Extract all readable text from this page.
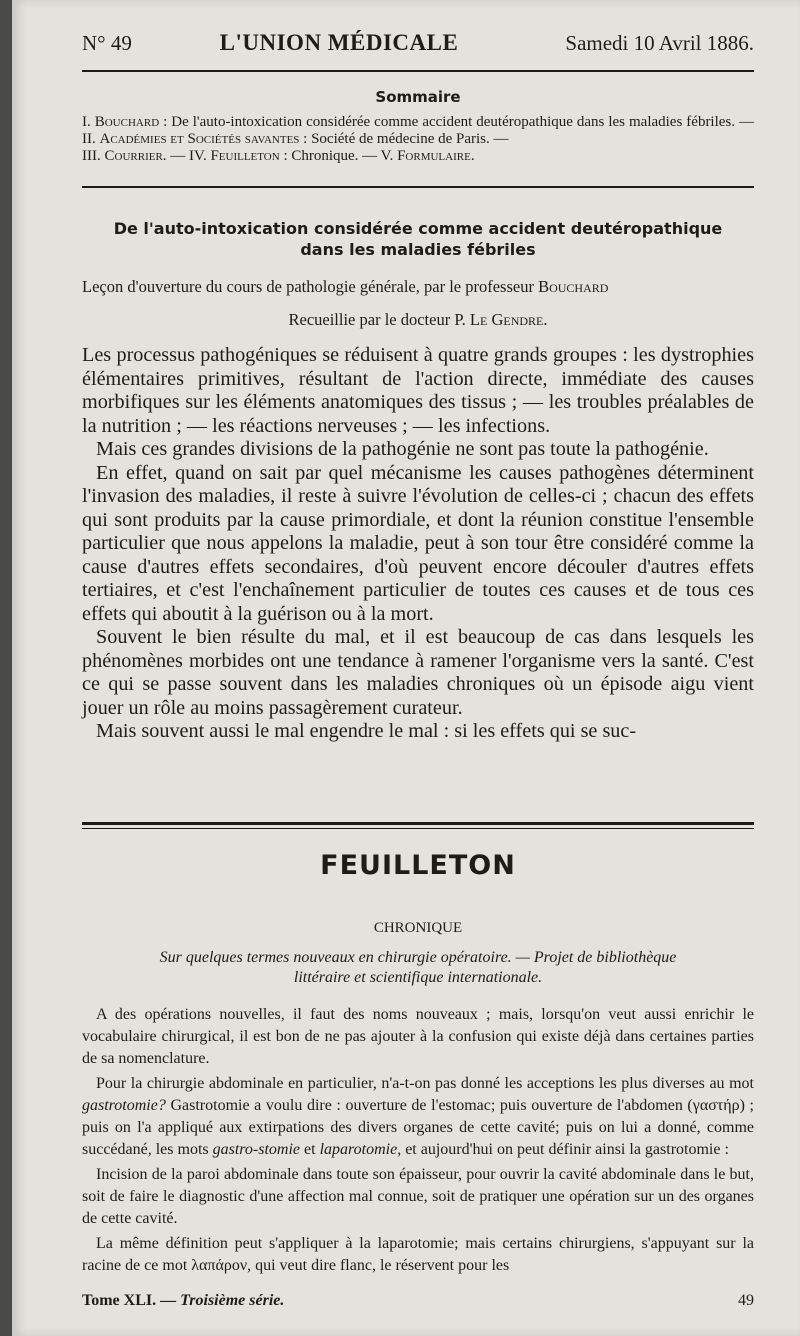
N° 49	L'UNION MÉDICALE	Samedi 10 Avril 1886.
Sommaire
I. Bouchard : De l'auto-intoxication considérée comme accident deutéropathique dans les maladies fébriles. — II. Académies et Sociétés savantes : Société de médecine de Paris. —
III. Courrier. — IV. Feuilleton : Chronique. — V. Formulaire.
De l'auto-intoxication considérée comme accident deutéropathique
dans les maladies fébriles
Leçon d'ouverture du cours de pathologie générale, par le professeur Bouchard
Recueillie par le docteur P. Le Gendre.

Les processus pathogéniques se réduisent à quatre grands groupes : les dystrophies élémentaires primitives, résultant de l'action directe, immédiate des causes morbifiques sur les éléments anatomiques des tissus ; — les troubles préalables de la nutrition ; — les réactions nerveuses ; — les infections.

Mais ces grandes divisions de la pathogénie ne sont pas toute la pathogénie.

En effet, quand on sait par quel mécanisme les causes pathogènes déterminent l'invasion des maladies, il reste à suivre l'évolution de celles-ci ; chacun des effets qui sont produits par la cause primordiale, et dont la réunion constitue l'ensemble particulier que nous appelons la maladie, peut à son tour être considéré comme la cause d'autres effets secondaires, d'où peuvent encore découler d'autres effets tertiaires, et c'est l'enchaînement particulier de toutes ces causes et de tous ces effets qui aboutit à la guérison ou à la mort.

Souvent le bien résulte du mal, et il est beaucoup de cas dans lesquels les phénomènes morbides ont une tendance à ramener l'organisme vers la santé. C'est ce qui se passe souvent dans les maladies chroniques où un épisode aigu vient jouer un rôle au moins passagèrement curateur.

Mais souvent aussi le mal engendre le mal : si les effets qui se suc-

FEUILLETON
CHRONIQUE
Sur quelques termes nouveaux en chirurgie opératoire. — Projet de bibliothèque
littéraire et scientifique internationale.

A des opérations nouvelles, il faut des noms nouveaux ; mais, lorsqu'on veut aussi enrichir le vocabulaire chirurgical, il est bon de ne pas ajouter à la confusion qui existe déjà dans certaines parties de sa nomenclature.

Pour la chirurgie abdominale en particulier, n'a-t-on pas donné les acceptions les plus diverses au mot gastrotomie? Gastrotomie a voulu dire : ouverture de l'estomac; puis ouverture de l'abdomen (γαστήρ) ; puis on l'a appliqué aux extirpations des divers organes de cette cavité; puis on lui a donné, comme succédané, les mots gastro-stomie et laparotomie, et aujourd'hui on peut définir ainsi la gastrotomie :

Incision de la paroi abdominale dans toute son épaisseur, pour ouvrir la cavité abdominale dans le but, soit de faire le diagnostic d'une affection mal connue, soit de pratiquer une opération sur un des organes de cette cavité.

La même définition peut s'appliquer à la laparotomie; mais certains chirurgiens, s'appuyant sur la racine de ce mot λαπάρον, qui veut dire flanc, le réservent pour les

Tome XLI. — Troisième série.	49
